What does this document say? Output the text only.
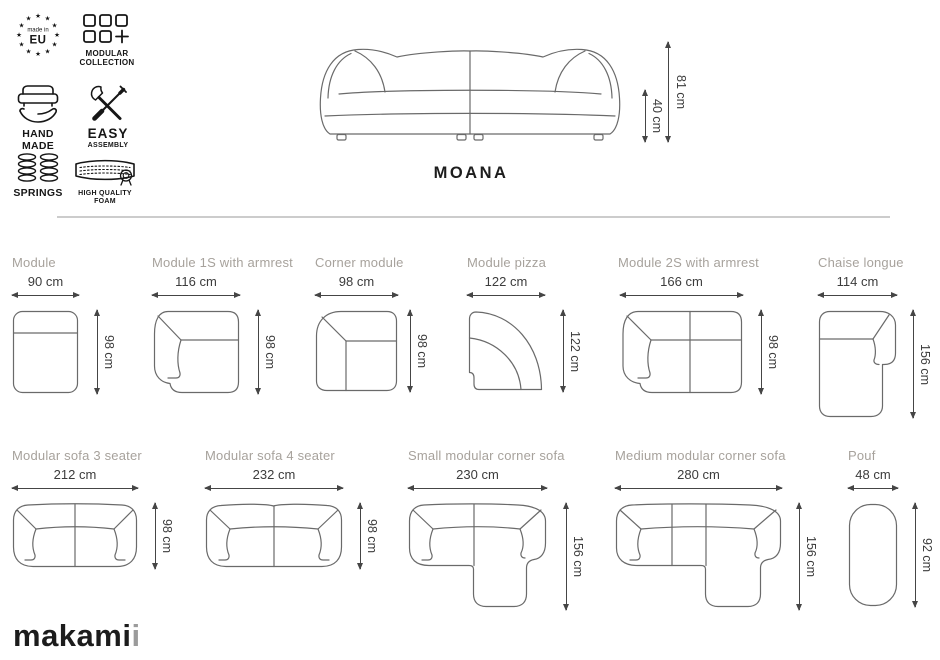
★ ★
★
★
★
★
★
★
★
★
★
★
made in
EU
MODULAR
COLLECTION
HAND
MADE
EASY
ASSEMBLY
SPRINGS HIGH QUALITY
FOAM
40 cm
81 cm
MOANA
Module
90 cm
98 cm
Module 1S with armrest
116 cm
98 cm
Corner module
98 cm
98 cm
Module pizza
122 cm
122 cm
Module 2S with armrest
166 cm
98 cm
Chaise longue
114 cm
156 cm
Modular sofa 3 seater
212 cm
98 cm
Modular sofa 4 seater
232 cm
98 cm
Small modular corner sofa
230 cm
156 cm
Medium modular corner sofa
280 cm
156 cm
Pouf
48 cm
92 cm
makamii
